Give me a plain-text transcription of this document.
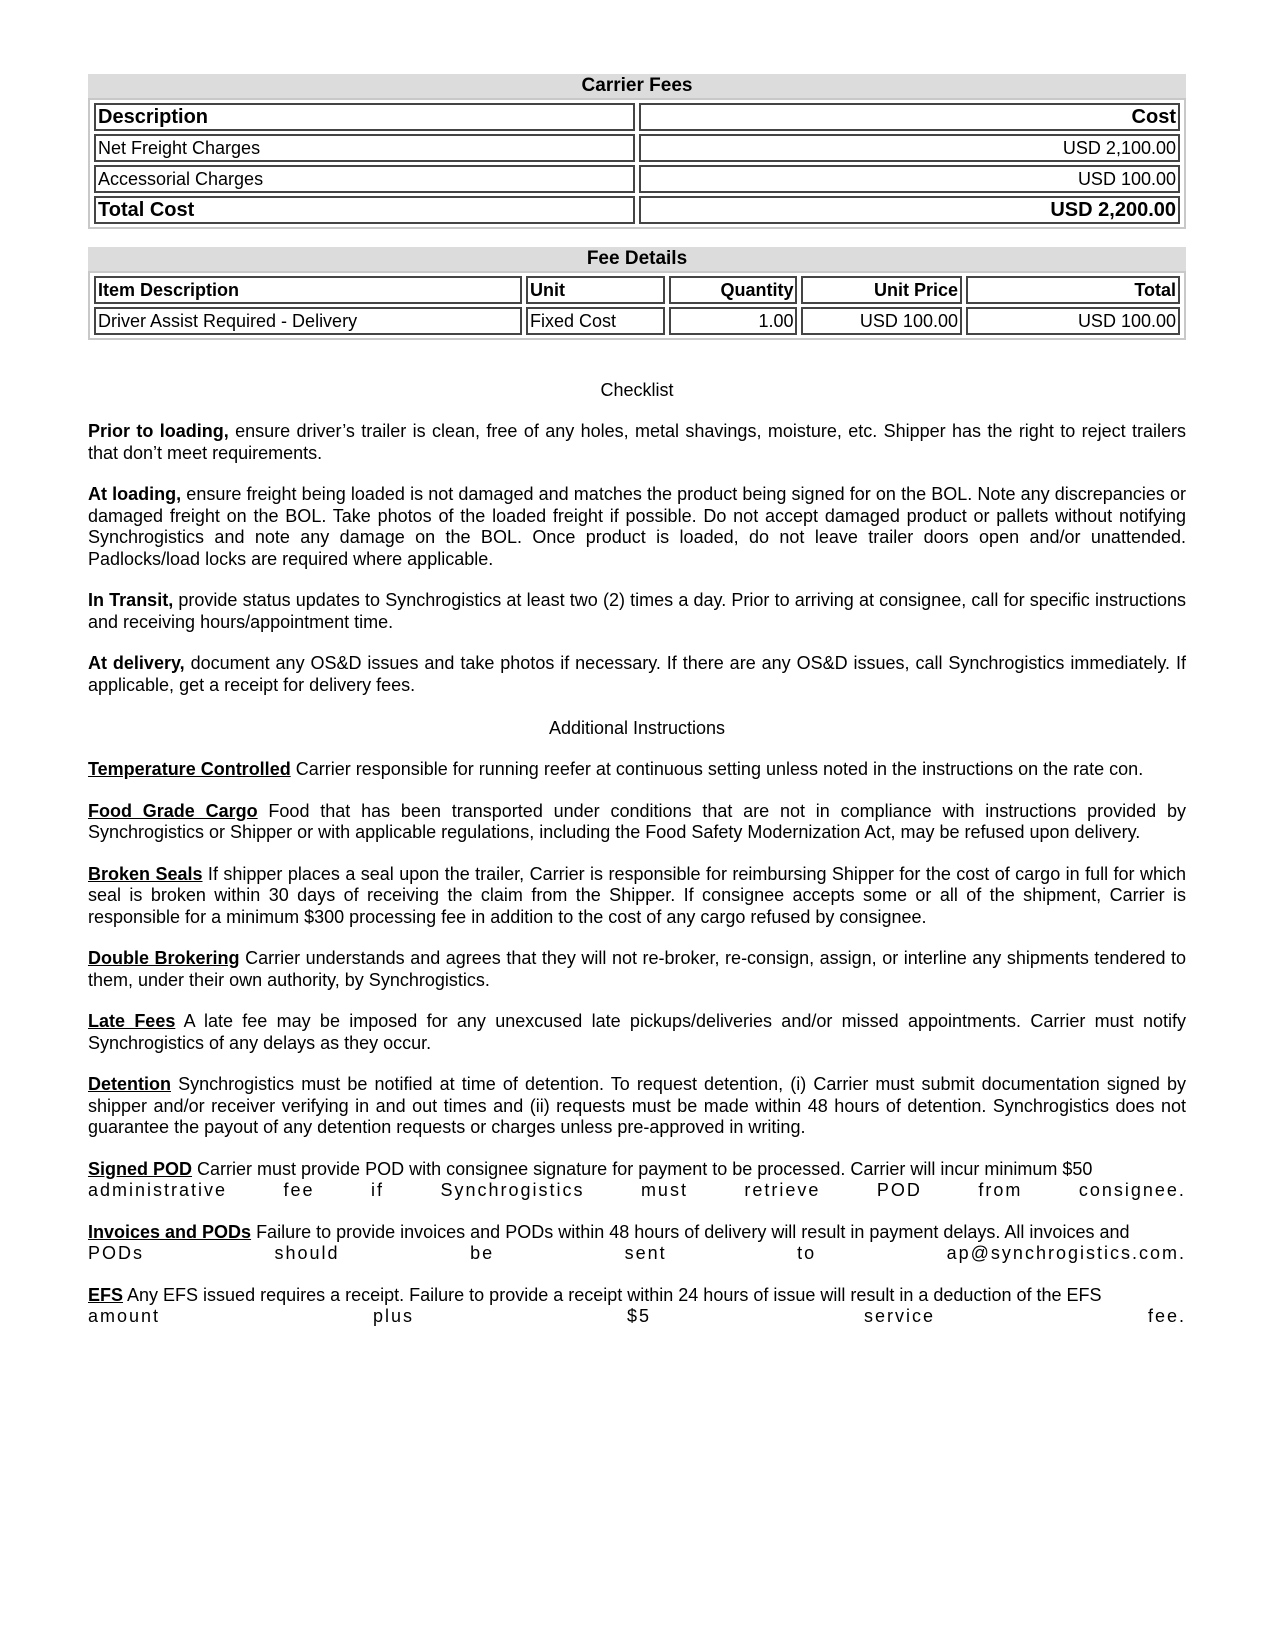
Carrier Fees
Description	Cost
Net Freight Charges	USD 2,100.00
Accessorial Charges	USD 100.00
Total Cost	USD 2,200.00
Fee Details
Item Description	Unit	Quantity	Unit Price	Total
Driver Assist Required - Delivery	Fixed Cost	1.00	USD 100.00	USD 100.00
Checklist

Prior to loading, ensure driver’s trailer is clean, free of any holes, metal shavings, moisture, etc. Shipper has the right to reject trailers that don’t meet requirements.

At loading, ensure freight being loaded is not damaged and matches the product being signed for on the BOL. Note any discrepancies or damaged freight on the BOL. Take photos of the loaded freight if possible. Do not accept damaged product or pallets without notifying Synchrogistics and note any damage on the BOL. Once product is loaded, do not leave trailer doors open and/or unattended. Padlocks/load locks are required where applicable.

In Transit, provide status updates to Synchrogistics at least two (2) times a day. Prior to arriving at consignee, call for specific instructions and receiving hours/appointment time.

At delivery, document any OS&D issues and take photos if necessary. If there are any OS&D issues, call Synchrogistics immediately. If applicable, get a receipt for delivery fees.

Additional Instructions

Temperature Controlled Carrier responsible for running reefer at continuous setting unless noted in the instructions on the rate con.

Food Grade Cargo Food that has been transported under conditions that are not in compliance with instructions provided by Synchrogistics or Shipper or with applicable regulations, including the Food Safety Modernization Act, may be refused upon delivery.

Broken Seals If shipper places a seal upon the trailer, Carrier is responsible for reimbursing Shipper for the cost of cargo in full for which seal is broken within 30 days of receiving the claim from the Shipper. If consignee accepts some or all of the shipment, Carrier is responsible for a minimum $300 processing fee in addition to the cost of any cargo refused by consignee.

Double Brokering Carrier understands and agrees that they will not re-broker, re-consign, assign, or interline any shipments tendered to them, under their own authority, by Synchrogistics.

Late Fees A late fee may be imposed for any unexcused late pickups/deliveries and/or missed appointments. Carrier must notify Synchrogistics of any delays as they occur.

Detention Synchrogistics must be notified at time of detention. To request detention, (i) Carrier must submit documentation signed by shipper and/or receiver verifying in and out times and (ii) requests must be made within 48 hours of detention. Synchrogistics does not guarantee the payout of any detention requests or charges unless pre-approved in writing.

Signed POD Carrier must provide POD with consignee signature for payment to be processed. Carrier will incur minimum $50

administrative	fee	if	Synchrogistics	must	retrieve	POD	from	consignee.

Invoices and PODs Failure to provide invoices and PODs within 48 hours of delivery will result in payment delays. All invoices and

PODs	should	be	sent	to	ap@synchrogistics.com.

EFS Any EFS issued requires a receipt. Failure to provide a receipt within 24 hours of issue will result in a deduction of the EFS

amount	plus	$5	service	fee.
